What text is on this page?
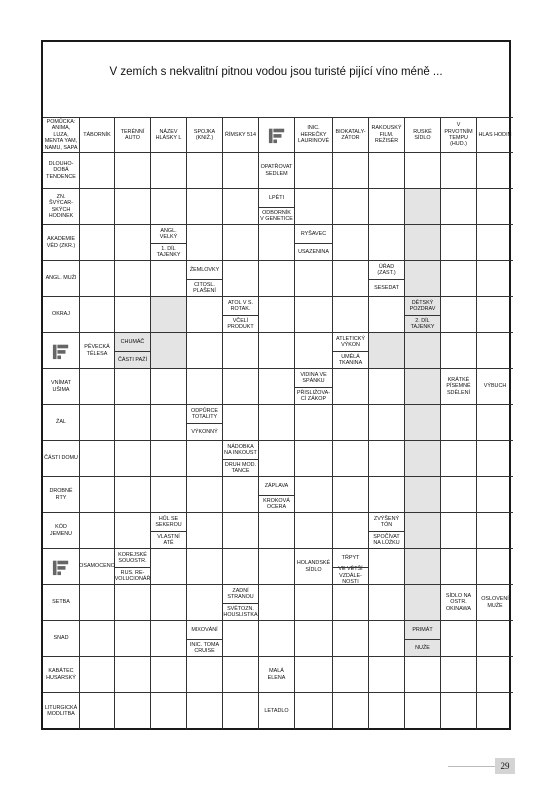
V zemích s nekvalitní pitnou vodou jsou turisté pijící víno méně ...
POMŮCKA: ANIMA, LUZA, MENTA YAM, NAMU, SAPA
TÁBORNÍK
TERÉNNÍ AUTO
NÁZEV HLÁSKY L
SPOJKA (KNIŽ.)
ŘÍMSKY 514
INIC. HEREČKY LAURINOVÉ
BIOKATALY-ZÁTOR
RAKOUSKÝ FILM. REŽISÉR
RUSKÉ SÍDLO
V PRVOTNÍM TEMPU (HUD.)
HLAS HODIN
DLOUHO-DOBÁ TENDENCE
OPATŘOVAT SEDLEM
ZN. ŠVÝCAR-SKÝCH HODINEK
LPĚTI
ODBORNÍK V GENETICE
AKADEMIE VĚD (ZKR.)
ANGL. VELKÝ
1. DÍL TAJENKY
RYŠAVEC
USAZENINA
ANGL. MUŽI
ŽEMLOVKY
CITOSL. PLAŠENÍ
ÚŘAD (ZAST.)
SESEDAT
OKRAJ
ATOL V S. ROTAK.
VČELÍ PRODUKT
DĚTSKÝ POZDRAV
2. DÍL TAJENKY
PĚVECKÁ TĚLESA
CHUMÁČ
ČÁSTI PAŽÍ
ATLETICKÝ VÝKON
UMĚLÁ TKANINA
VNÍMAT UŠIMA
VIDINA VE SPÁNKU
PŘISLIŽOVA-CÍ ZÁKOP
KRÁTKÉ PÍSEMNÉ SDĚLENÍ
VÝBUCH
ŽAL
ODPŮRCE TOTALITY
VÝKONNÝ
ČÁSTI DOMU
NÁDOBKA NA INKOUST
DRUH MOD. TANCE
DROBNÉ RTY
ZÁPLAVA
KROKOVÁ OCERA
KÓD JEMENU
HŮL SE SEKEROU
VLASTNÍ ATĚ
ZVÝŠENÝ TÓN
SPOČÍVAT NA LŮŽKU
OSAMOCENO
KOREJSKÉ SOUOSTR.
RUS. RE-VOLUCIONÁŘ
HOLANDSKÉ SÍDLO
TŘPYT
VE VĚTŠÍ VZDÁLE-NOSTI
SETBA
ZADNÍ STRANOU
SVĚTOZN. HOUSLISTKA
SÍDLO NA OSTR. OKINAWA
OSLOVENÍ MUŽE
SNAD
MIXOVÁNÍ
INIC. TOMA CRUISE
PRIMÁT
NUŽE
KABÁTEC HUSARSKÝ
MALÁ ELENA
LITURGICKÁ MODLITBA
LETADLO
29
